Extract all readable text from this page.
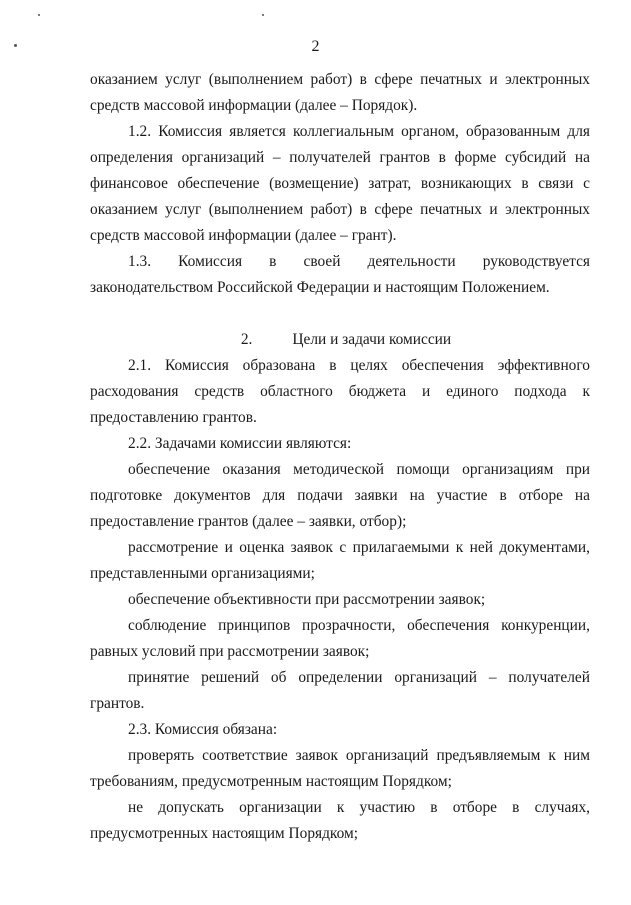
2

оказанием услуг (выполнением работ) в сфере печатных и электронных средств массовой информации (далее – Порядок).

1.2. Комиссия является коллегиальным органом, образованным для определения организаций – получателей грантов в форме субсидий на финансовое обеспечение (возмещение) затрат, возникающих в связи с оказанием услуг (выполнением работ) в сфере печатных и электронных средств массовой информации (далее – грант).

1.3. Комиссия в своей деятельности руководствуется законодательством Российской Федерации и настоящим Положением.

2.	Цели и задачи комиссии

2.1. Комиссия образована в целях обеспечения эффективного расходования средств областного бюджета и единого подхода к предоставлению грантов.

2.2. Задачами комиссии являются:

обеспечение оказания методической помощи организациям при подготовке документов для подачи заявки на участие в отборе на предоставление грантов (далее – заявки, отбор);

рассмотрение и оценка заявок с прилагаемыми к ней документами, представленными организациями;

обеспечение объективности при рассмотрении заявок;

соблюдение принципов прозрачности, обеспечения конкуренции, равных условий при рассмотрении заявок;

принятие решений об определении организаций – получателей грантов.

2.3. Комиссия обязана:

проверять соответствие заявок организаций предъявляемым к ним требованиям, предусмотренным настоящим Порядком;

не допускать организации к участию в отборе в случаях, предусмотренных настоящим Порядком;
